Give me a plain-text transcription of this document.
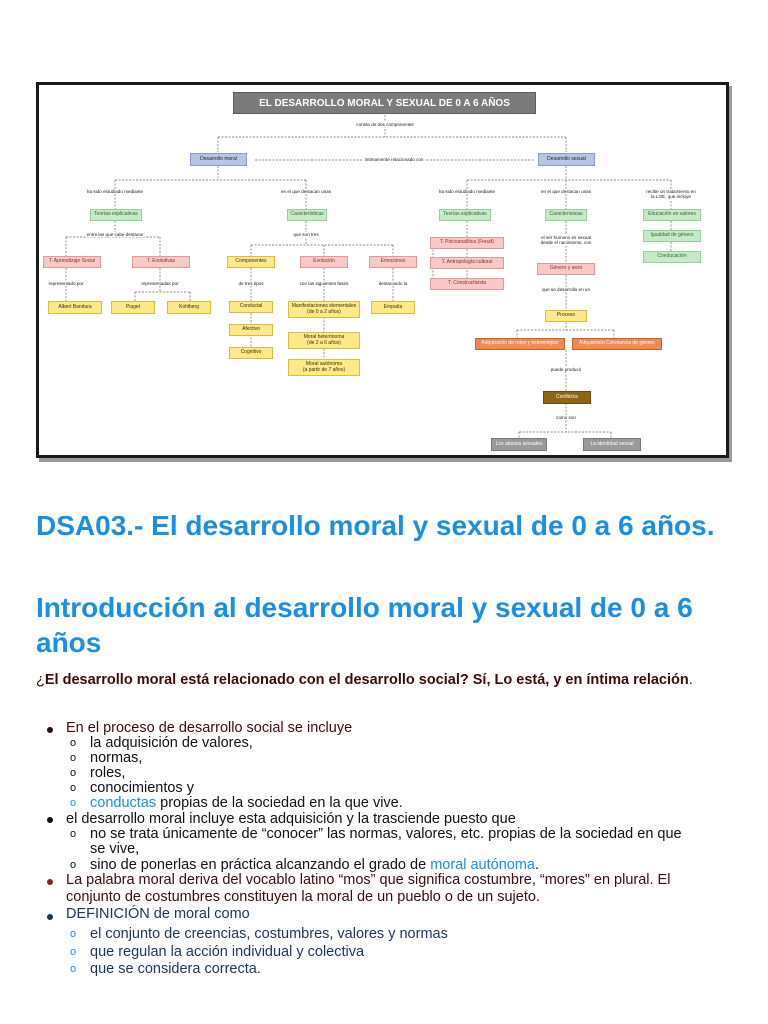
EL DESARROLLO MORAL Y SEXUAL DE 0 A 6 AÑOS
consta de dos componentes
Desarrollo moral	Desarrollo sexual
íntimamente relacionado con
ha sido estudiado mediante	en el que destacan unas	ha sido estudiado mediante	en el que destacan unas	recibe un tratamiento en la LOE, que incluye
Teorías explicativas	Características	Teorías explicativas	Características	Educación en valores
entre las que cabe destacar	que son tres
el ser humano es sexual
desde el nacimiento, con
T. Aprendizaje Social	T. Evolutivas	Componentes	Evolución	Emociones
T. Psicoanalítica (Freud)
T. Antropología cultural
T. Constructivista
Igualdad de género
Coeducación
Género y sexo
representado por	representadas por	de tres tipos	con las siguientes fases	destacando la
que se desarrolla en un
Albert Bandura	Piaget	Kohlberg	Conductal	Manifestaciones elementales
(de 0 a 2 años)
Empatía
Proceso
Afectivo
Moral heterónoma
(de 2 a 6 años)	Adquisición de roles y estereotipos	Adquisición Constancia de género
Cognitivo
Moral autónoma
(a partir de 7 años)	puede producir
Conflictos
como son
Los abusos sexuales	La identidad sexual
DSA03.- El desarrollo moral y sexual de 0 a 6 años.
Introducción al desarrollo moral y sexual de 0 a 6 años

¿El desarrollo moral está relacionado con el desarrollo social? Sí, Lo está, y en íntima relación.

En el proceso de desarrollo social se incluye
o la adquisición de valores,
o normas,
o roles,
o conocimientos y
o conductas propias de la sociedad en la que vive.
el desarrollo moral incluye esta adquisición y la trasciende puesto que
o no se trata únicamente de “conocer” las normas, valores, etc. propias de la sociedad en que
se vive,
o sino de ponerlas en práctica alcanzando el grado de moral autónoma.
La palabra moral deriva del vocablo latino “mos” que significa costumbre, “mores” en plural. El
conjunto de costumbres constituyen la moral de un pueblo o de un sujeto.
DEFINICIÓN de moral como
o el conjunto de creencias, costumbres, valores y normas
o que regulan la acción individual y colectiva
o que se considera correcta.
